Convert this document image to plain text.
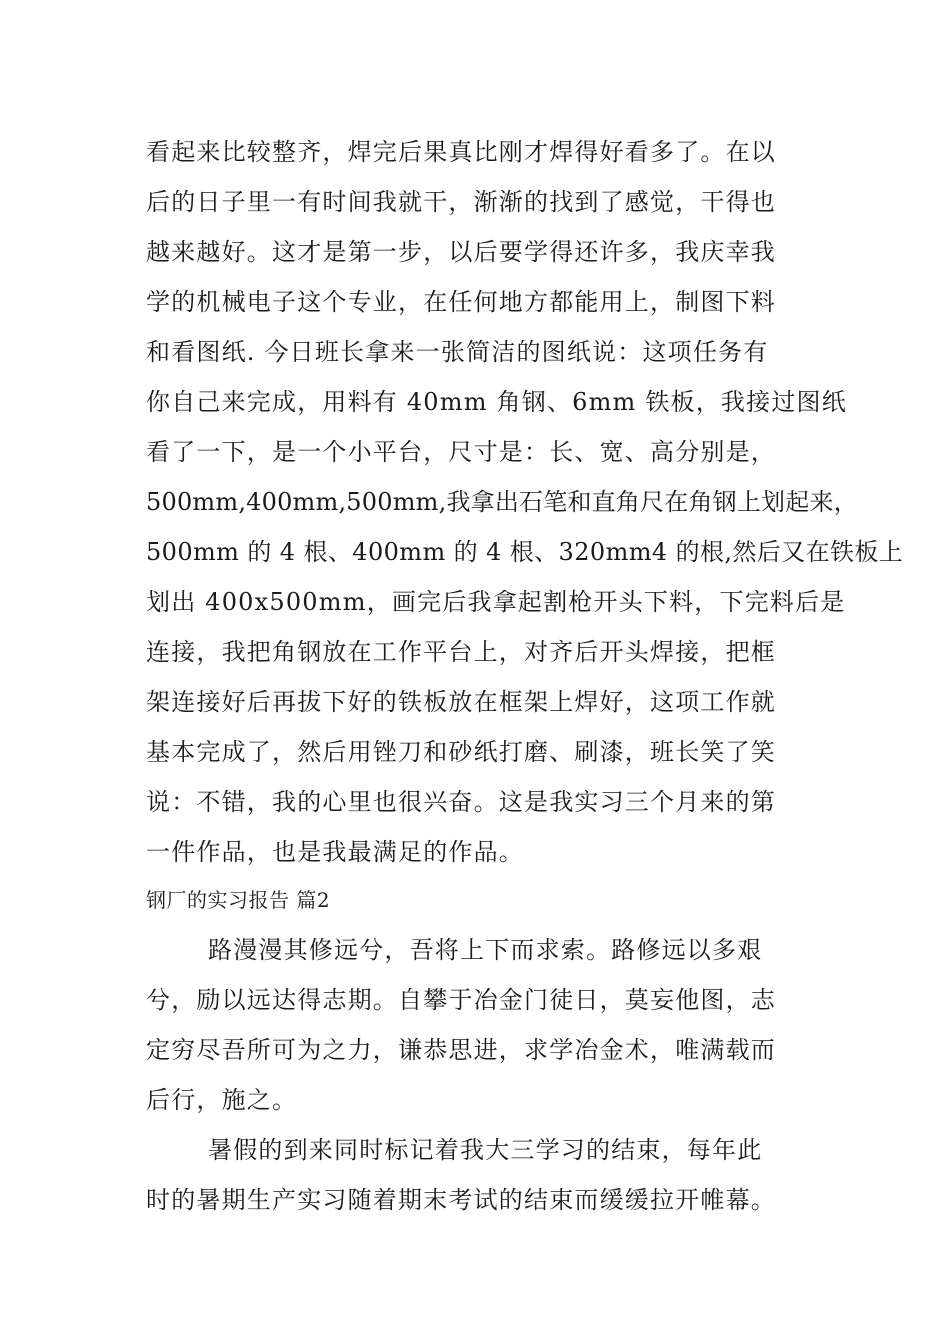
看起来比较整齐，焊完后果真比刚才焊得好看多了。在以
后的日子里一有时间我就干，渐渐的找到了感觉，干得也
越来越好。这才是第一步，以后要学得还许多，我庆幸我
学的机械电子这个专业，在任何地方都能用上，制图下料
和看图纸. 今日班长拿来一张简洁的图纸说：这项任务有
你自己来完成，用料有 40mm 角钢、6mm 铁板，我接过图纸
看了一下，是一个小平台，尺寸是：长、宽、高分别是，
500mm,400mm,500mm,我拿出石笔和直角尺在角钢上划起来，
500mm 的 4 根、400mm 的 4 根、320mm4 的根,然后又在铁板上
划出 400x500mm，画完后我拿起割枪开头下料，下完料后是
连接，我把角钢放在工作平台上，对齐后开头焊接，把框
架连接好后再拔下好的铁板放在框架上焊好，这项工作就
基本完成了，然后用锉刀和砂纸打磨、刷漆，班长笑了笑
说：不错，我的心里也很兴奋。这是我实习三个月来的第
一件作品，也是我最满足的作品。
钢厂的实习报告 篇2
路漫漫其修远兮，吾将上下而求索。路修远以多艰
兮，励以远达得志期。自攀于冶金门徒日，莫妄他图，志
定穷尽吾所可为之力，谦恭思进，求学冶金术，唯满载而
后行，施之。
暑假的到来同时标记着我大三学习的结束，每年此
时的暑期生产实习随着期末考试的结束而缓缓拉开帷幕。
